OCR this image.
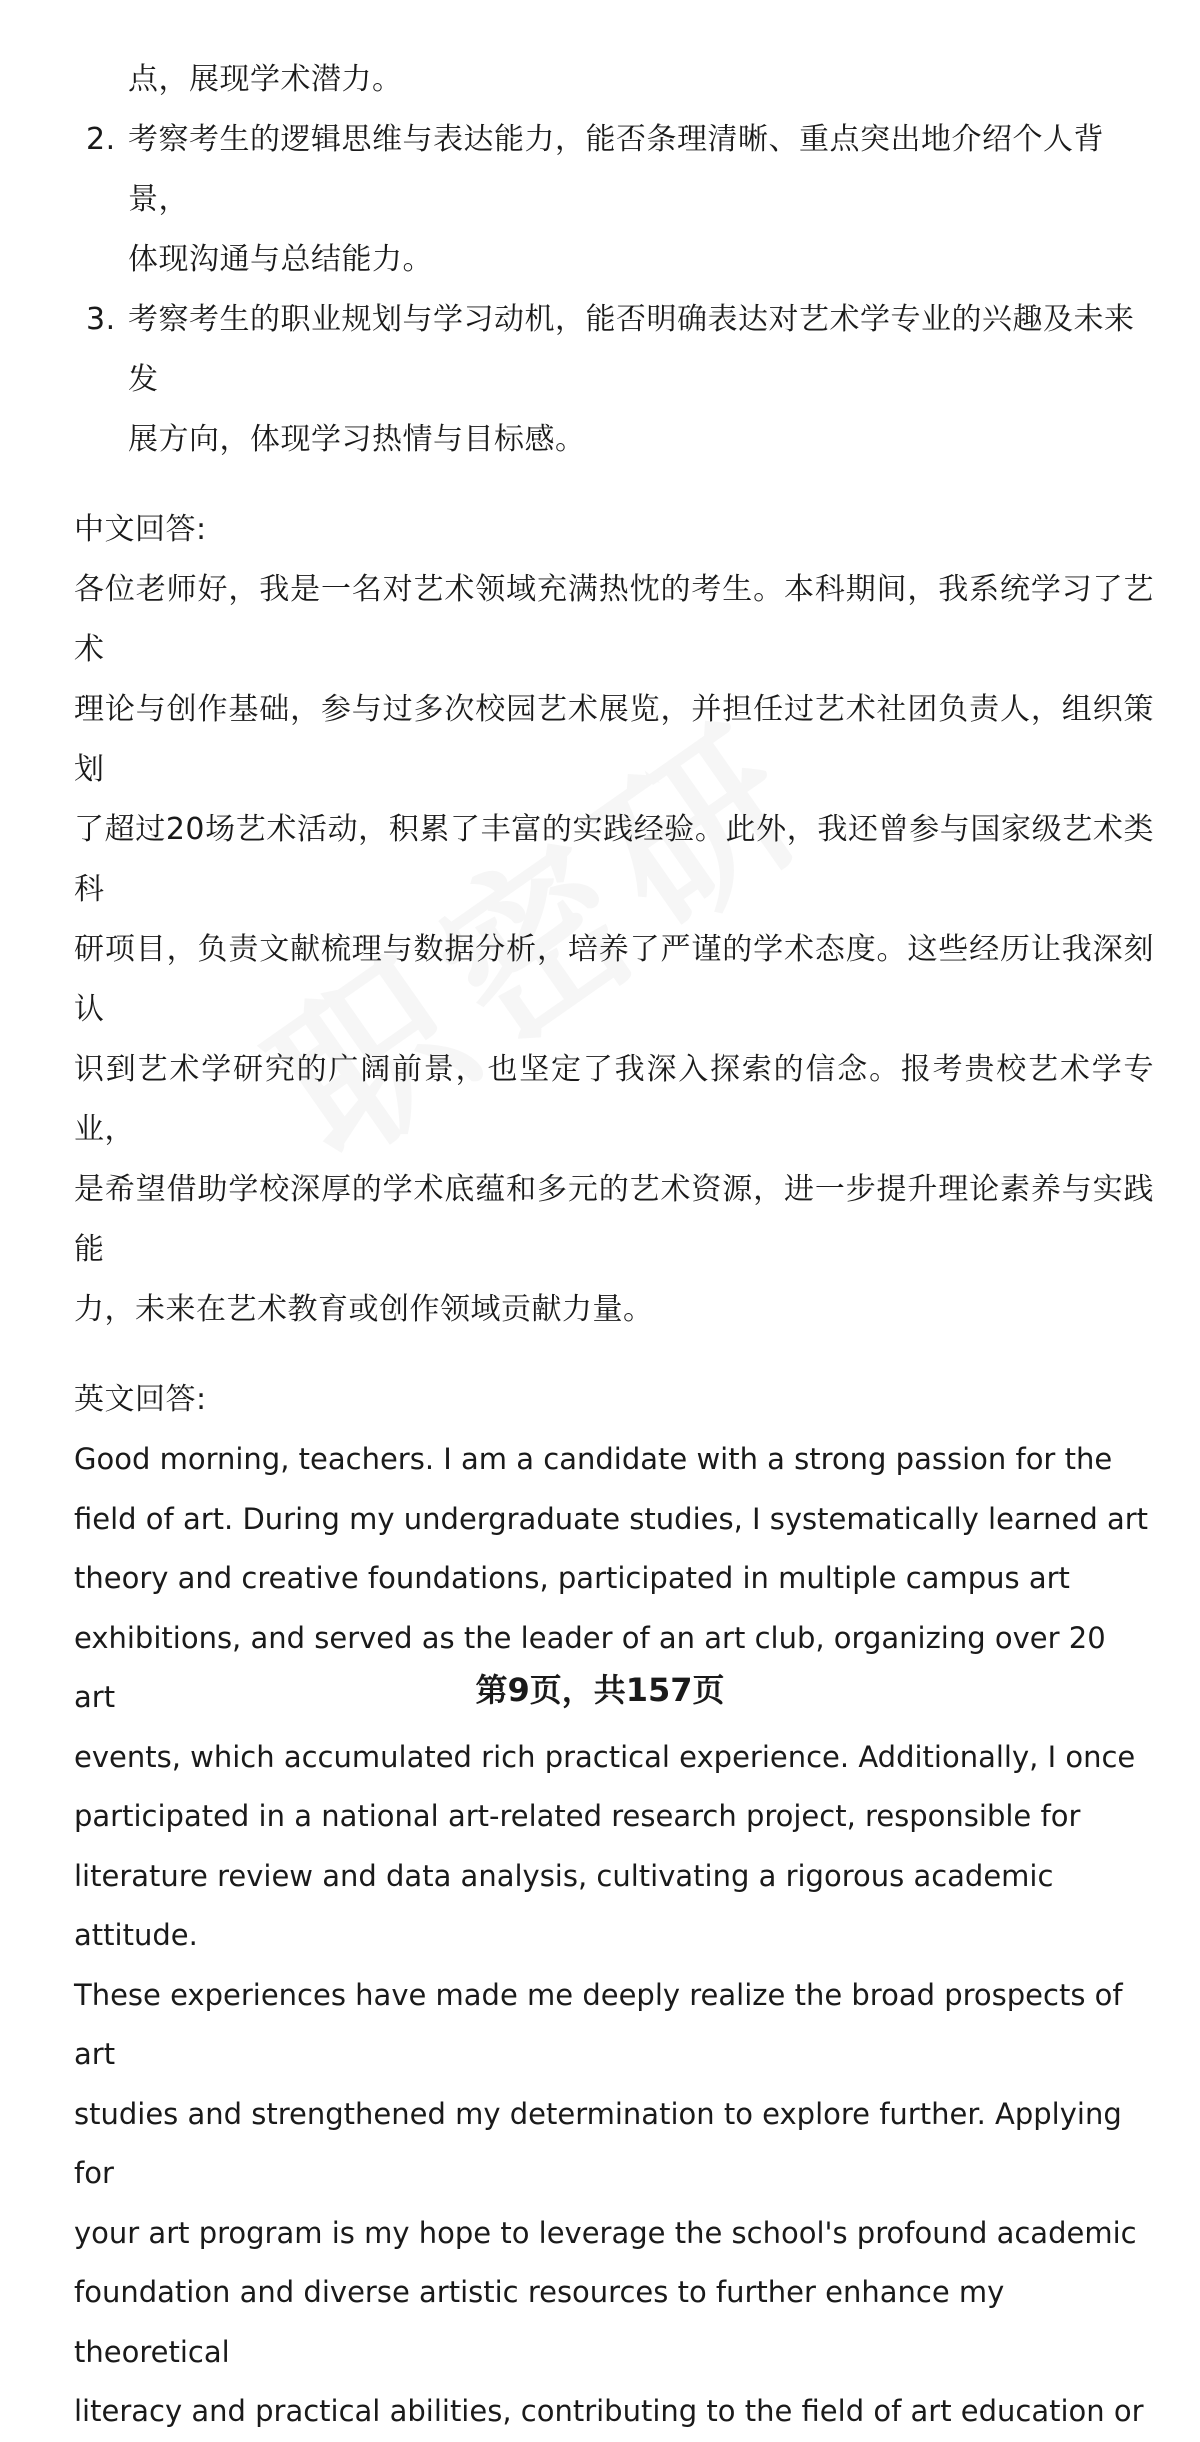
点，展现学术潜力。
2. 考察考生的逻辑思维与表达能力，能否条理清晰、重点突出地介绍个人背景，
体现沟通与总结能力。
3. 考察考生的职业规划与学习动机，能否明确表达对艺术学专业的兴趣及未来发
展方向，体现学习热情与目标感。
中文回答:
各位老师好，我是一名对艺术领域充满热忱的考生。本科期间，我系统学习了艺术
理论与创作基础，参与过多次校园艺术展览，并担任过艺术社团负责人，组织策划
了超过20场艺术活动，积累了丰富的实践经验。此外，我还曾参与国家级艺术类科
研项目，负责文献梳理与数据分析，培养了严谨的学术态度。这些经历让我深刻认
识到艺术学研究的广阔前景，也坚定了我深入探索的信念。报考贵校艺术学专业，
是希望借助学校深厚的学术底蕴和多元的艺术资源，进一步提升理论素养与实践能
力，未来在艺术教育或创作领域贡献力量。
英文回答:
Good morning, teachers. I am a candidate with a strong passion for the
field of art. During my undergraduate studies, I systematically learned art
theory and creative foundations, participated in multiple campus art
exhibitions, and served as the leader of an art club, organizing over 20 art
events, which accumulated rich practical experience. Additionally, I once
participated in a national art-related research project, responsible for
literature review and data analysis, cultivating a rigorous academic attitude.
These experiences have made me deeply realize the broad prospects of art
studies and strengthened my determination to explore further. Applying for
your art program is my hope to leverage the school's profound academic
foundation and diverse artistic resources to further enhance my theoretical
literacy and practical abilities, contributing to the field of art education or
第9页，共157页
